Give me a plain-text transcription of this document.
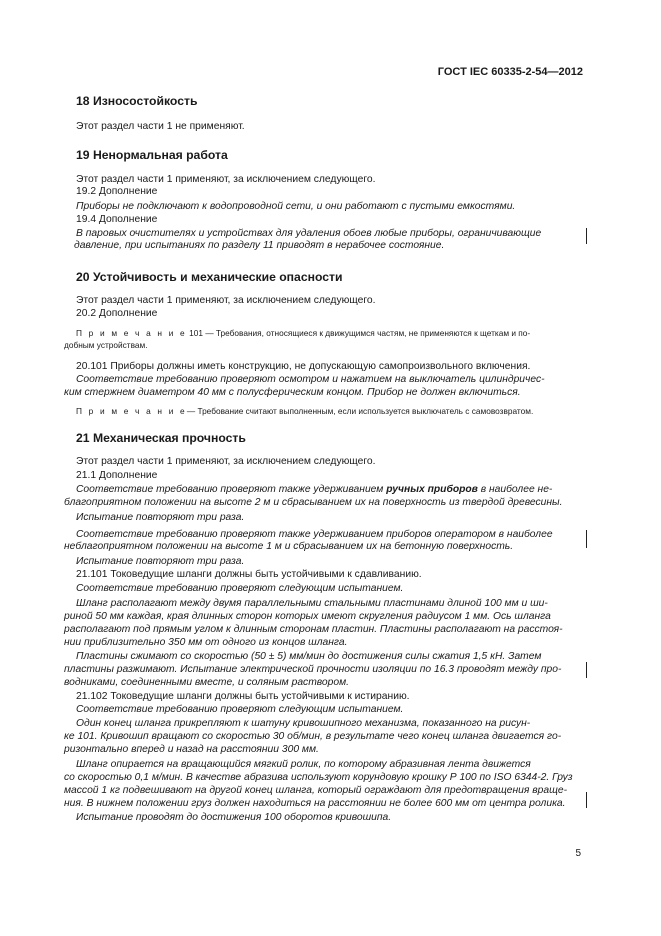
ГОСТ IEC 60335-2-54—2012
18 Износостойкость
Этот раздел части 1 не применяют.
19 Ненормальная работа
Этот раздел части 1 применяют, за исключением следующего.
19.2 Дополнение
Приборы не подключают к водопроводной сети, и они работают с пустыми емкостями.
19.4 Дополнение
В паровых очистителях и устройствах для удаления обоев любые приборы, ограничивающие
давление, при испытаниях по разделу 11 приводят в нерабочее состояние.
20 Устойчивость и механические опасности
Этот раздел части 1 применяют, за исключением следующего.
20.2 Дополнение
П р и м е ч а н и е 101 — Требования, относящиеся к движущимся частям, не применяются к щеткам и по-
добным устройствам.
20.101 Приборы должны иметь конструкцию, не допускающую самопроизвольного включения.
Соответствие требованию проверяют осмотром и нажатием на выключатель цилиндричес-
ким стержнем диаметром 40 мм с полусферическим концом. Прибор не должен включиться.
П р и м е ч а н и е— Требование считают выполненным, если используется выключатель с самовозвратом.
21 Механическая прочность
Этот раздел части 1 применяют, за исключением следующего.
21.1 Дополнение
Соответствие требованию проверяют также удерживанием ручных приборов в наиболее не-
благоприятном положении на высоте 2 м и сбрасыванием их на поверхность из твердой древесины.
Испытание повторяют три раза.
Соответствие требованию проверяют также удерживанием приборов оператором в наиболее
неблагоприятном положении на высоте 1 м и сбрасыванием их на бетонную поверхность.
Испытание повторяют три раза.
21.101 Токоведущие шланги должны быть устойчивыми к сдавливанию.
Соответствие требованию проверяют следующим испытанием.
Шланг располагают между двумя параллельными стальными пластинами длиной 100 мм и ши-
риной 50 мм каждая, края длинных сторон которых имеют скругления радиусом 1 мм. Ось шланга
располагают под прямым углом к длинным сторонам пластин. Пластины располагают на расстоя-
нии приблизительно 350 мм от одного из концов шланга.
Пластины сжимают со скоростью (50 ± 5) мм/мин до достижения силы сжатия 1,5 кН. Затем
пластины разжимают. Испытание электрической прочности изоляции по 16.3 проводят между про-
водниками, соединенными вместе, и соляным раствором.
21.102 Токоведущие шланги должны быть устойчивыми к истиранию.
Соответствие требованию проверяют следующим испытанием.
Один конец шланга прикрепляют к шатуну кривошипного механизма, показанного на рисун-
ке 101. Кривошип вращают со скоростью 30 об/мин, в результате чего конец шланга двигается го-
ризонтально вперед и назад на расстоянии 300 мм.
Шланг опирается на вращающийся мягкий ролик, по которому абразивная лента движется
со скоростью 0,1 м/мин. В качестве абразива используют корундовую крошку Р 100 по ISO 6344-2. Груз
массой 1 кг подвешивают на другой конец шланга, который ограждают для предотвращения враще-
ния. В нижнем положении груз должен находиться на расстоянии не более 600 мм от центра ролика.
Испытание проводят до достижения 100 оборотов кривошипа.
5
